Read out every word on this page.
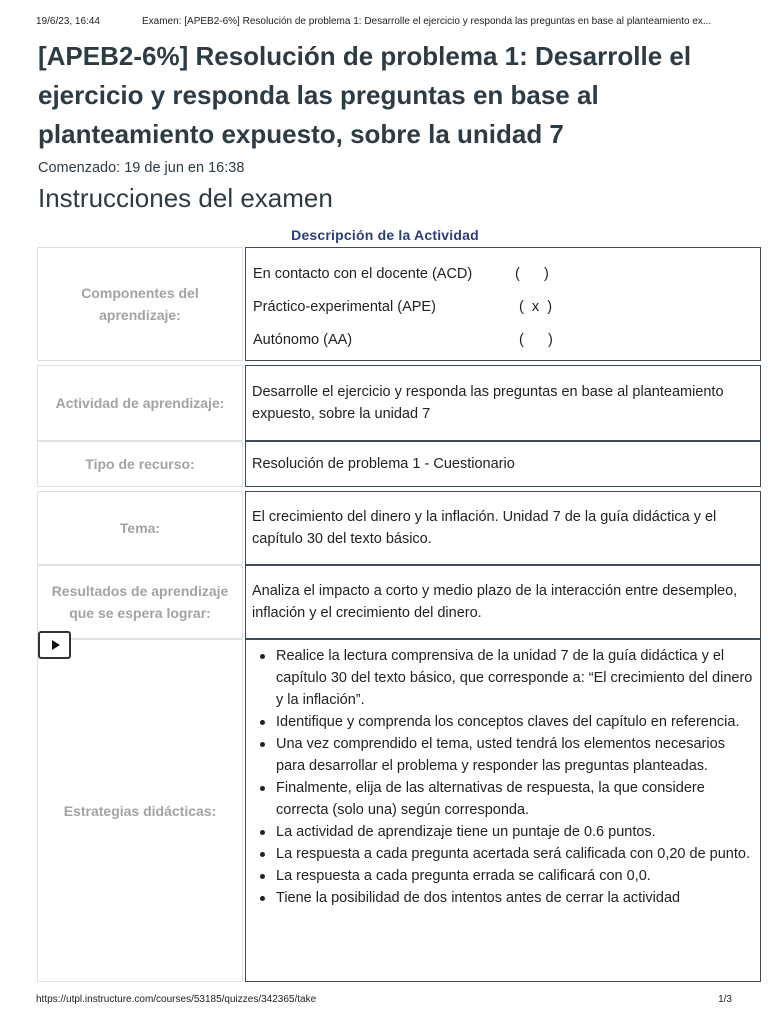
19/6/23, 16:44	Examen: [APEB2-6%] Resolución de problema 1: Desarrolle el ejercicio y responda las preguntas en base al planteamiento ex...
[APEB2-6%] Resolución de problema 1: Desarrolle el ejercicio y responda las preguntas en base al planteamiento expuesto, sobre la unidad 7
Comenzado: 19 de jun en 16:38
Instrucciones del examen
Descripción de la Actividad
Componentes del aprendizaje:
En contacto con el docente (ACD)	(      )
Práctico-experimental (APE)	(  x  )
Autónomo (AA)	(      )
Actividad de aprendizaje:
Desarrolle el ejercicio y responda las preguntas en base al planteamiento expuesto, sobre la unidad 7
Tipo de recurso:	Resolución de problema 1 - Cuestionario
Tema:
El crecimiento del dinero y la inflación. Unidad 7 de la guía didáctica y el capítulo 30 del texto básico.
Resultados de aprendizaje que se espera lograr:
Analiza el impacto a corto y medio plazo de la interacción entre desempleo, inflación y el crecimiento del dinero.
Estrategias didácticas:
Realice la lectura comprensiva de la unidad 7 de la guía didáctica y el capítulo 30 del texto básico, que corresponde a: “El crecimiento del dinero y la inflación”.
Identifique y comprenda los conceptos claves del capítulo en referencia.
Una vez comprendido el tema, usted tendrá los elementos necesarios para desarrollar el problema y responder las preguntas planteadas.
Finalmente, elija de las alternativas de respuesta, la que considere correcta (solo una) según corresponda.
La actividad de aprendizaje tiene un puntaje de 0.6 puntos.
La respuesta a cada pregunta acertada será calificada con 0,20 de punto.
La respuesta a cada pregunta errada se calificará con 0,0.
Tiene la posibilidad de dos intentos antes de cerrar la actividad
https://utpl.instructure.com/courses/53185/quizzes/342365/take	1/3
